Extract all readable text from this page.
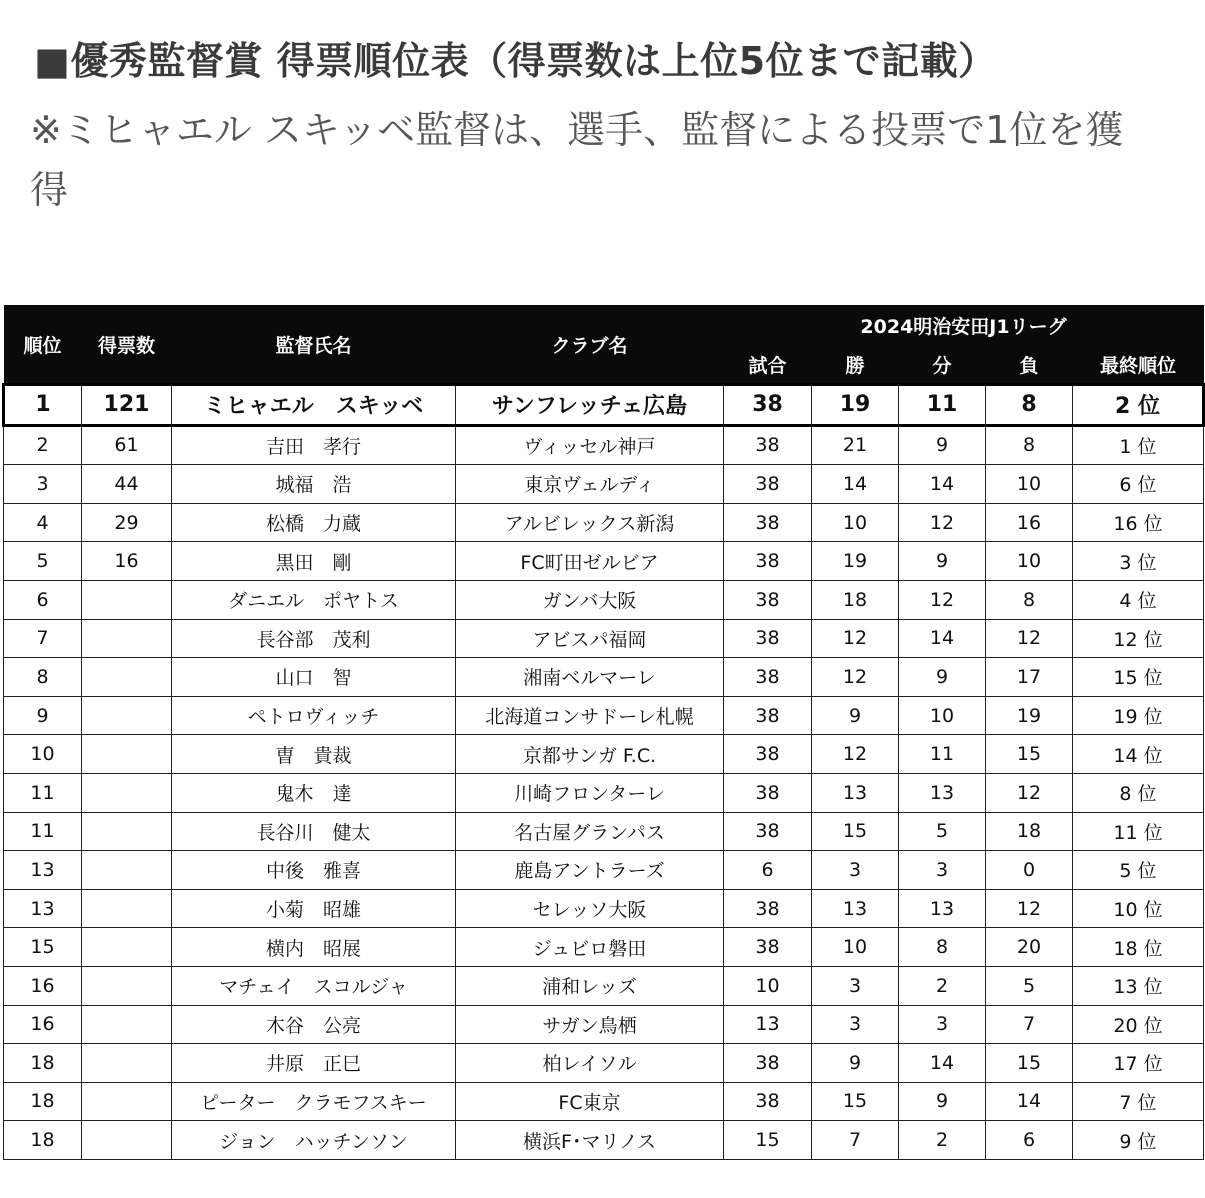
■優秀監督賞 得票順位表（得票数は上位5位まで記載）

※ミヒャエル スキッベ監督は、選手、監督による投票で1位を獲得

順位	得票数	監督氏名	クラブ名	2024明治安田J1リーグ				
				試合	勝	分	負	最終順位
1	121	ミヒャエル　スキッベ	サンフレッチェ広島	38	19	11	8	2 位
2	61	吉田　孝行	ヴィッセル神戸	38	21	9	8	1 位
3	44	城福　浩	東京ヴェルディ	38	14	14	10	6 位
4	29	松橋　力蔵	アルビレックス新潟	38	10	12	16	16 位
5	16	黒田　剛	FC町田ゼルビア	38	19	9	10	3 位
6		ダニエル　ポヤトス	ガンバ大阪	38	18	12	8	4 位
7		長谷部　茂利	アビスパ福岡	38	12	14	12	12 位
8		山口　智	湘南ベルマーレ	38	12	9	17	15 位
9		ペトロヴィッチ	北海道コンサドーレ札幌	38	9	10	19	19 位
10		曺　貴裁	京都サンガ F.C.	38	12	11	15	14 位
11		鬼木　達	川崎フロンターレ	38	13	13	12	8 位
11		長谷川　健太	名古屋グランパス	38	15	5	18	11 位
13		中後　雅喜	鹿島アントラーズ	6	3	3	0	5 位
13		小菊　昭雄	セレッソ大阪	38	13	13	12	10 位
15		横内　昭展	ジュビロ磐田	38	10	8	20	18 位
16		マチェイ　スコルジャ	浦和レッズ	10	3	2	5	13 位
16		木谷　公亮	サガン鳥栖	13	3	3	7	20 位
18		井原　正巳	柏レイソル	38	9	14	15	17 位
18		ピーター　クラモフスキー	FC東京	38	15	9	14	7 位
18		ジョン　ハッチンソン	横浜F･マリノス	15	7	2	6	9 位
